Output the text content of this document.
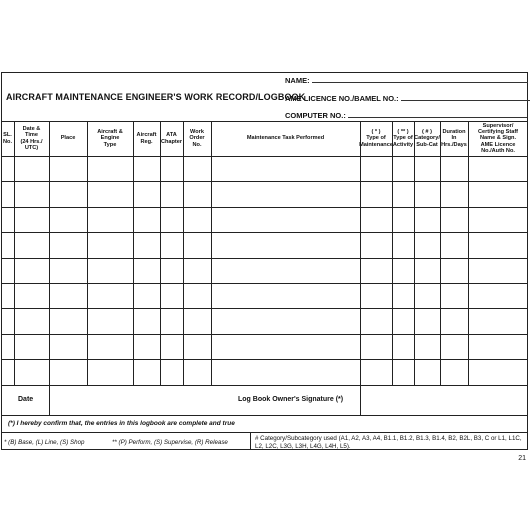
AIRCRAFT MAINTENANCE ENGINEER'S WORK RECORD/LOGBOOK
NAME:
AME LICENCE NO./BAMEL NO.:
COMPUTER NO.:
SL.
No.
Date &
Time
(24 Hrs./
UTC)
Place
Aircraft &
Engine
Type
Aircraft
Reg.
ATA
Chapter
Work
Order
No.
Maintenance Task Performed
( * )
Type of
Maintenance
( ** )
Type of
Activity
( # )
Category/
Sub-Cat
Duration
In
Hrs./Days
Supervisor/
Certifying Staff
Name & Sign.
AME Licence
No./Auth No.
Date	Log Book Owner's Signature (*)
(*) I hereby confirm that, the entries in this logbook are complete and true
* (B) Base, (L) Line, (S) Shop	** (P) Perform, (S) Supervise, (R) Release
# Category/Subcategory used (A1, A2, A3, A4, B1.1, B1.2, B1.3, B1.4, B2, B2L, B3, C or L1, L1C, L2, L2C, L3G, L3H, L4G, L4H, L5).
21
